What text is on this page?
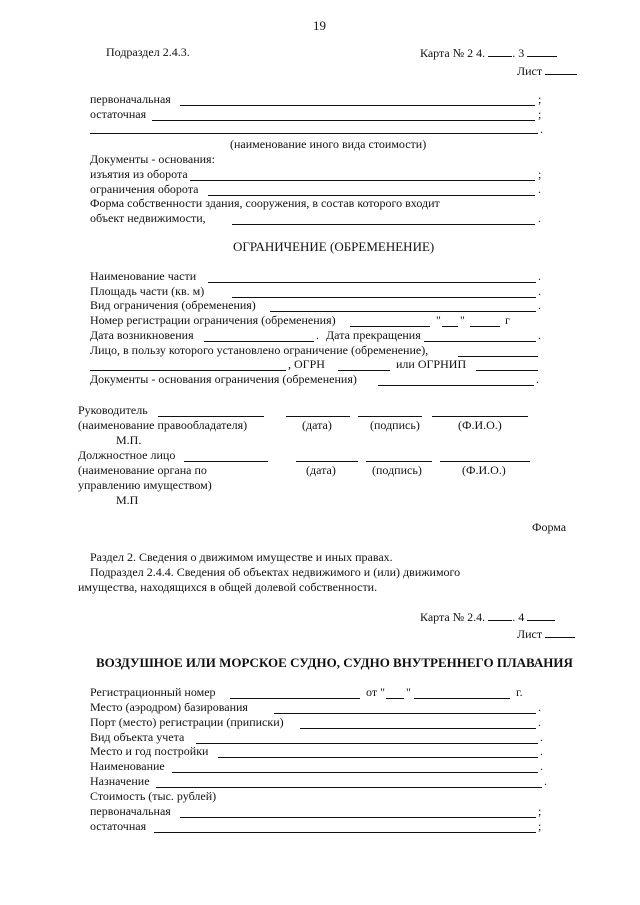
19
Подраздел 2.4.3.	Карта № 2 4. . 3
Лист
первоначальная	;
остаточная	;
.
(наименование иного вида стоимости)
Документы - основания:
изъятия из оборота	;
ограничения оборота	.
Форма собственности здания, сооружения, в состав которого входит
объект недвижимости,	.
ОГРАНИЧЕНИЕ (ОБРЕМЕНЕНИЕ)
Наименование части	.
Площадь части (кв. м)	.
Вид ограничения (обременения)	.
Номер регистрации ограничения (обременения)	" "	г
Дата возникновения	. Дата прекращения	.
Лицо, в пользу которого установлено ограничение (обременение),
, ОГРН	или ОГРНИП
Документы - основания ограничения (обременения)	.
Руководитель
(наименование правообладателя)	(дата)	(подпись)	(Ф.И.О.)
М.П.
Должностное лицо
(наименование органа по	(дата)	(подпись)	(Ф.И.О.)
управлению имуществом)
М.П
Форма
Раздел 2. Сведения о движимом имуществе и иных правах.
Подраздел 2.4.4. Сведения об объектах недвижимого и (или) движимого
имущества, находящихся в общей долевой собственности.
Карта № 2.4. . 4
Лист
ВОЗДУШНОЕ ИЛИ МОРСКОЕ СУДНО, СУДНО ВНУТРЕННЕГО ПЛАВАНИЯ
Регистрационный номер	от " "	г.
Место (аэродром) базирования	.
Порт (место) регистрации (приписки)	.
Вид объекта учета	.
Место и год постройки	.
Наименование	.
Назначение	.
Стоимость (тыс. рублей)
первоначальная	;
остаточная	;
